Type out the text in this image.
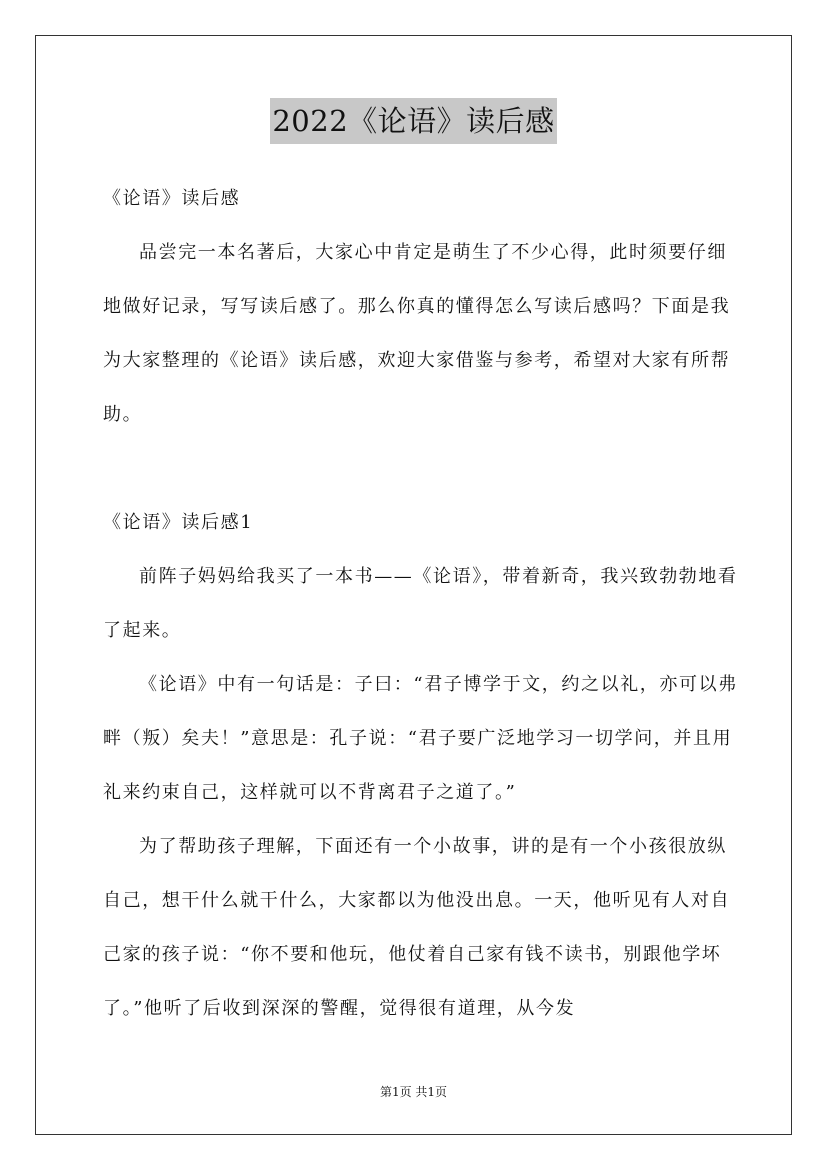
2022《论语》读后感

《论语》读后感

品尝完一本名著后，大家心中肯定是萌生了不少心得，此时须要仔细地做好记录，写写读后感了。那么你真的懂得怎么写读后感吗？下面是我为大家整理的《论语》读后感，欢迎大家借鉴与参考，希望对大家有所帮助。

《论语》读后感1

前阵子妈妈给我买了一本书——《论语》，带着新奇，我兴致勃勃地看了起来。

《论语》中有一句话是：子曰：“君子博学于文，约之以礼，亦可以弗畔（叛）矣夫！”意思是：孔子说：“君子要广泛地学习一切学问，并且用礼来约束自己，这样就可以不背离君子之道了。”

为了帮助孩子理解，下面还有一个小故事，讲的是有一个小孩很放纵自己，想干什么就干什么，大家都以为他没出息。一天，他听见有人对自己家的孩子说：“你不要和他玩，他仗着自己家有钱不读书，别跟他学坏了。”他听了后收到深深的警醒，觉得很有道理，从今发

第1页 共1页
